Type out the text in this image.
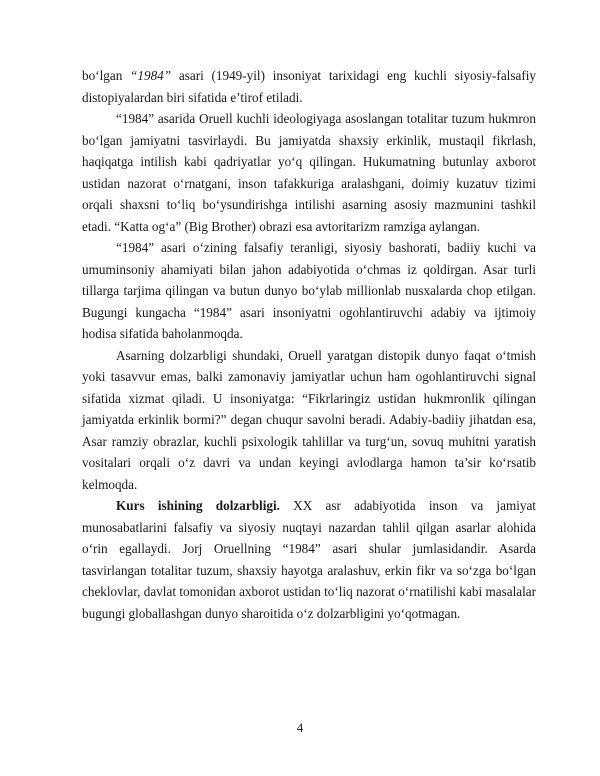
bo‘lgan “1984” asari (1949-yil) insoniyat tarixidagi eng kuchli siyosiy-falsafiy distopiyalardan biri sifatida e’tirof etiladi.

“1984” asarida Oruell kuchli ideologiyaga asoslangan totalitar tuzum hukmron bo‘lgan jamiyatni tasvirlaydi. Bu jamiyatda shaxsiy erkinlik, mustaqil fikrlash, haqiqatga intilish kabi qadriyatlar yo‘q qilingan. Hukumatning butunlay axborot ustidan nazorat o‘rnatgani, inson tafakkuriga aralashgani, doimiy kuzatuv tizimi orqali shaxsni to‘liq bo‘ysundirishga intilishi asarning asosiy mazmunini tashkil etadi. “Katta og‘a” (Big Brother) obrazi esa avtoritarizm ramziga aylangan.

“1984” asari o‘zining falsafiy teranligi, siyosiy bashorati, badiiy kuchi va umuminsoniy ahamiyati bilan jahon adabiyotida o‘chmas iz qoldirgan. Asar turli tillarga tarjima qilingan va butun dunyo bo‘ylab millionlab nusxalarda chop etilgan. Bugungi kungacha “1984” asari insoniyatni ogohlantiruvchi adabiy va ijtimoiy hodisa sifatida baholanmoqda.

Asarning dolzarbligi shundaki, Oruell yaratgan distopik dunyo faqat o‘tmish yoki tasavvur emas, balki zamonaviy jamiyatlar uchun ham ogohlantiruvchi signal sifatida xizmat qiladi. U insoniyatga: “Fikrlaringiz ustidan hukmronlik qilingan jamiyatda erkinlik bormi?” degan chuqur savolni beradi. Adabiy-badiiy jihatdan esa, Asar ramziy obrazlar, kuchli psixologik tahlillar va turg‘un, sovuq muhitni yaratish vositalari orqali o‘z davri va undan keyingi avlodlarga hamon ta’sir ko‘rsatib kelmoqda.

Kurs ishining dolzarbligi. XX asr adabiyotida inson va jamiyat munosabatlarini falsafiy va siyosiy nuqtayi nazardan tahlil qilgan asarlar alohida o‘rin egallaydi. Jorj Oruellning “1984” asari shular jumlasidandir. Asarda tasvirlangan totalitar tuzum, shaxsiy hayotga aralashuv, erkin fikr va so‘zga bo‘lgan cheklovlar, davlat tomonidan axborot ustidan to‘liq nazorat o‘rnatilishi kabi masalalar bugungi globallashgan dunyo sharoitida o‘z dolzarbligini yo‘qotmagan.

4
